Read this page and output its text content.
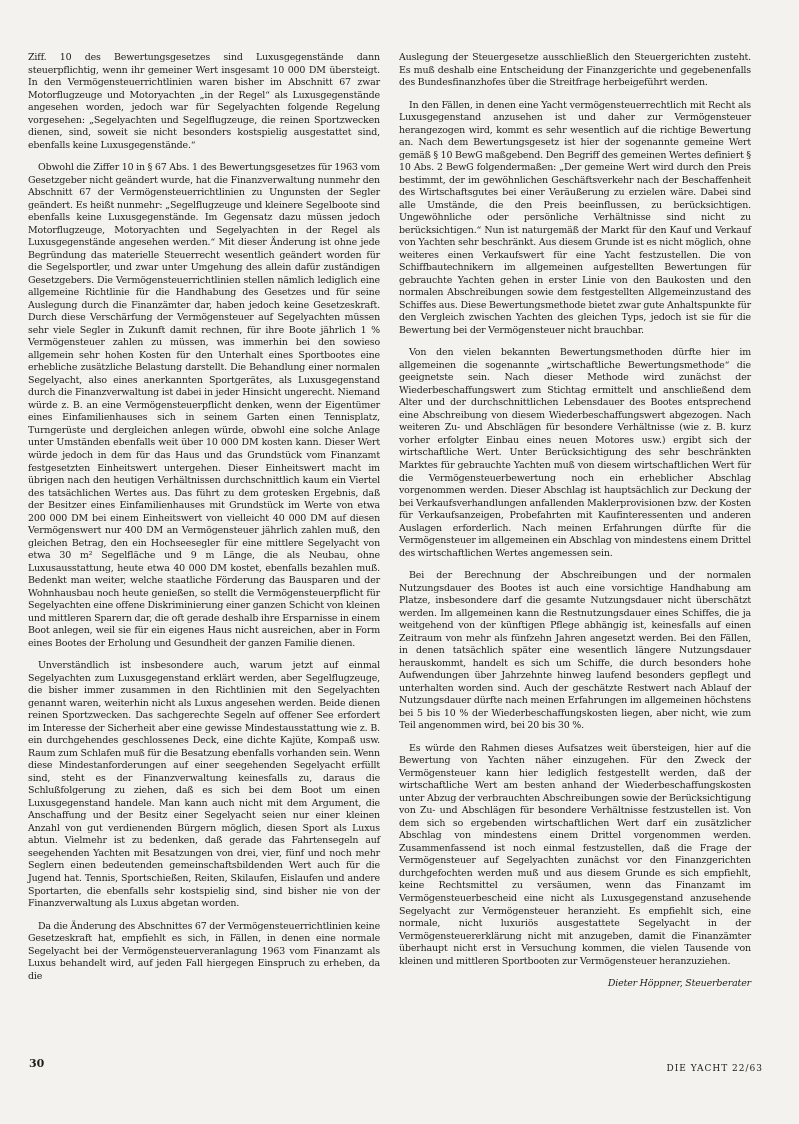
Ziff. 10 des Bewertungsgesetzes sind Luxusgegenstände dann steuerpflichtig, wenn ihr gemeiner Wert insgesamt 10 000 DM übersteigt. In den Vermögensteuerrichtlinien waren bisher im Abschnitt 67 zwar Motorflugzeuge und Motoryachten „in der Regel“ als Luxusgegenstände angesehen worden, jedoch war für Segelyachten folgende Regelung vorgesehen: „Segelyachten und Segelflugzeuge, die reinen Sportzwecken dienen, sind, soweit sie nicht besonders kostspielig ausgestattet sind, ebenfalls keine Luxusgegenstände.“

Obwohl die Ziffer 10 in § 67 Abs. 1 des Bewertungsgesetzes für 1963 vom Gesetzgeber nicht geändert wurde, hat die Finanzverwaltung nunmehr den Abschnitt 67 der Vermögensteuerrichtlinien zu Ungunsten der Segler geändert. Es heißt nunmehr: „Segelflugzeuge und kleinere Segelboote sind ebenfalls keine Luxusgegenstände. Im Gegensatz dazu müssen jedoch Motorflugzeuge, Motoryachten und Segelyachten in der Regel als Luxusgegenstände angesehen werden.“ Mit dieser Änderung ist ohne jede Begründung das materielle Steuerrecht wesentlich geändert worden für die Segelsportler, und zwar unter Umgehung des allein dafür zuständigen Gesetzgebers. Die Vermögensteuerrichtlinien stellen nämlich lediglich eine allgemeine Richtlinie für die Handhabung des Gesetzes und für seine Auslegung durch die Finanzämter dar, haben jedoch keine Gesetzeskraft. Durch diese Verschärfung der Vermögensteuer auf Segelyachten müssen sehr viele Segler in Zukunft damit rechnen, für ihre Boote jährlich 1 % Vermögensteuer zahlen zu müssen, was immerhin bei den sowieso allgemein sehr hohen Kosten für den Unterhalt eines Sportbootes eine erhebliche zusätzliche Belastung darstellt. Die Behandlung einer normalen Segelyacht, also eines anerkannten Sportgerätes, als Luxusgegenstand durch die Finanzverwaltung ist dabei in jeder Hinsicht ungerecht. Niemand würde z. B. an eine Vermögensteuerpflicht denken, wenn der Eigentümer eines Einfamilienhauses sich in seinem Garten einen Tennisplatz, Turngerüste und dergleichen anlegen würde, obwohl eine solche Anlage unter Umständen ebenfalls weit über 10 000 DM kosten kann. Dieser Wert würde jedoch in dem für das Haus und das Grundstück vom Finanzamt festgesetzten Einheitswert untergehen. Dieser Einheitswert macht im übrigen nach den heutigen Verhältnissen durchschnittlich kaum ein Viertel des tatsächlichen Wertes aus. Das führt zu dem grotesken Ergebnis, daß der Besitzer eines Einfamilienhauses mit Grundstück im Werte von etwa 200 000 DM bei einem Einheitswert von vielleicht 40 000 DM auf diesen Vermögenswert nur 400 DM an Vermögensteuer jährlich zahlen muß, den gleichen Betrag, den ein Hochseesegler für eine mittlere Segelyacht von etwa 30 m² Segelfläche und 9 m Länge, die als Neubau, ohne Luxusausstattung, heute etwa 40 000 DM kostet, ebenfalls bezahlen muß. Bedenkt man weiter, welche staatliche Förderung das Bausparen und der Wohnhausbau noch heute genießen, so stellt die Vermögensteuerpflicht für Segelyachten eine offene Diskriminierung einer ganzen Schicht von kleinen und mittleren Sparern dar, die oft gerade deshalb ihre Ersparnisse in einem Boot anlegen, weil sie für ein eigenes Haus nicht ausreichen, aber in Form eines Bootes der Erholung und Gesundheit der ganzen Familie dienen.

Unverständlich ist insbesondere auch, warum jetzt auf einmal Segelyachten zum Luxusgegenstand erklärt werden, aber Segelflugzeuge, die bisher immer zusammen in den Richtlinien mit den Segelyachten genannt waren, weiterhin nicht als Luxus angesehen werden. Beide dienen reinen Sportzwecken. Das sachgerechte Segeln auf offener See erfordert im Interesse der Sicherheit aber eine gewisse Mindestausstattung wie z. B. ein durchgehendes geschlossenes Deck, eine dichte Kajüte, Kompaß usw. Raum zum Schlafen muß für die Besatzung ebenfalls vorhanden sein. Wenn diese Mindestanforderungen auf einer seegehenden Segelyacht erfüllt sind, steht es der Finanzverwaltung keinesfalls zu, daraus die Schlußfolgerung zu ziehen, daß es sich bei dem Boot um einen Luxusgegenstand handele. Man kann auch nicht mit dem Argument, die Anschaffung und der Besitz einer Segelyacht seien nur einer kleinen Anzahl von gut verdienenden Bürgern möglich, diesen Sport als Luxus abtun. Vielmehr ist zu bedenken, daß gerade das Fahrtensegeln auf seegehenden Yachten mit Besatzungen von drei, vier, fünf und noch mehr Seglern einen bedeutenden gemeinschaftsbildenden Wert auch für die Jugend hat. Tennis, Sportschießen, Reiten, Skilaufen, Eislaufen und andere Sportarten, die ebenfalls sehr kostspielig sind, sind bisher nie von der Finanzverwaltung als Luxus abgetan worden.

Da die Änderung des Abschnittes 67 der Vermögensteuerrichtlinien keine Gesetzeskraft hat, empfiehlt es sich, in Fällen, in denen eine normale Segelyacht bei der Vermögensteuerveranlagung 1963 vom Finanzamt als Luxus behandelt wird, auf jeden Fall hiergegen Einspruch zu erheben, da die

Auslegung der Steuergesetze ausschließlich den Steuergerichten zusteht. Es muß deshalb eine Entscheidung der Finanzgerichte und gegebenenfalls des Bundesfinanzhofes über die Streitfrage herbeigeführt werden.

In den Fällen, in denen eine Yacht vermögensteuerrechtlich mit Recht als Luxusgegenstand anzusehen ist und daher zur Vermögensteuer herangezogen wird, kommt es sehr wesentlich auf die richtige Bewertung an. Nach dem Bewertungsgesetz ist hier der sogenannte gemeine Wert gemäß § 10 BewG maßgebend. Den Begriff des gemeinen Wertes definiert § 10 Abs. 2 BewG folgendermaßen: „Der gemeine Wert wird durch den Preis bestimmt, der im gewöhnlichen Geschäftsverkehr nach der Beschaffenheit des Wirtschaftsgutes bei einer Veräußerung zu erzielen wäre. Dabei sind alle Umstände, die den Preis beeinflussen, zu berücksichtigen. Ungewöhnliche oder persönliche Verhältnisse sind nicht zu berücksichtigen.“ Nun ist naturgemäß der Markt für den Kauf und Verkauf von Yachten sehr beschränkt. Aus diesem Grunde ist es nicht möglich, ohne weiteres einen Verkaufswert für eine Yacht festzustellen. Die von Schiffbautechnikern im allgemeinen aufgestellten Bewertungen für gebrauchte Yachten gehen in erster Linie von den Baukosten und den normalen Abschreibungen sowie dem festgestellten Allgemeinzustand des Schiffes aus. Diese Bewertungsmethode bietet zwar gute Anhaltspunkte für den Vergleich zwischen Yachten des gleichen Typs, jedoch ist sie für die Bewertung bei der Vermögensteuer nicht brauchbar.

Von den vielen bekannten Bewertungsmethoden dürfte hier im allgemeinen die sogenannte „wirtschaftliche Bewertungsmethode“ die geeignetste sein. Nach dieser Methode wird zunächst der Wiederbeschaffungswert zum Stichtag ermittelt und anschließend dem Alter und der durchschnittlichen Lebensdauer des Bootes entsprechend eine Abschreibung von diesem Wiederbeschaffungswert abgezogen. Nach weiteren Zu- und Abschlägen für besondere Verhältnisse (wie z. B. kurz vorher erfolgter Einbau eines neuen Motores usw.) ergibt sich der wirtschaftliche Wert. Unter Berücksichtigung des sehr beschränkten Marktes für gebrauchte Yachten muß von diesem wirtschaftlichen Wert für die Vermögensteuerbewertung noch ein erheblicher Abschlag vorgenommen werden. Dieser Abschlag ist hauptsächlich zur Deckung der bei Verkaufsverhandlungen anfallenden Maklerprovisionen bzw. der Kosten für Verkaufsanzeigen, Probefahrten mit Kaufinteressenten und anderen Auslagen erforderlich. Nach meinen Erfahrungen dürfte für die Vermögensteuer im allgemeinen ein Abschlag von mindestens einem Drittel des wirtschaftlichen Wertes angemessen sein.

Bei der Berechnung der Abschreibungen und der normalen Nutzungsdauer des Bootes ist auch eine vorsichtige Handhabung am Platze, insbesondere darf die gesamte Nutzungsdauer nicht überschätzt werden. Im allgemeinen kann die Restnutzungsdauer eines Schiffes, die ja weitgehend von der künftigen Pflege abhängig ist, keinesfalls auf einen Zeitraum von mehr als fünfzehn Jahren angesetzt werden. Bei den Fällen, in denen tatsächlich später eine wesentlich längere Nutzungsdauer herauskommt, handelt es sich um Schiffe, die durch besonders hohe Aufwendungen über Jahrzehnte hinweg laufend besonders gepflegt und unterhalten worden sind. Auch der geschätzte Restwert nach Ablauf der Nutzungsdauer dürfte nach meinen Erfahrungen im allgemeinen höchstens bei 5 bis 10 % der Wiederbeschaffungskosten liegen, aber nicht, wie zum Teil angenommen wird, bei 20 bis 30 %.

Es würde den Rahmen dieses Aufsatzes weit übersteigen, hier auf die Bewertung von Yachten näher einzugehen. Für den Zweck der Vermögensteuer kann hier lediglich festgestellt werden, daß der wirtschaftliche Wert am besten anhand der Wiederbeschaffungskosten unter Abzug der verbrauchten Abschreibungen sowie der Berücksichtigung von Zu- und Abschlägen für besondere Verhältnisse festzustellen ist. Von dem sich so ergebenden wirtschaftlichen Wert darf ein zusätzlicher Abschlag von mindestens einem Drittel vorgenommen werden. Zusammenfassend ist noch einmal festzustellen, daß die Frage der Vermögensteuer auf Segelyachten zunächst vor den Finanzgerichten durchgefochten werden muß und aus diesem Grunde es sich empfiehlt, keine Rechtsmittel zu versäumen, wenn das Finanzamt im Vermögensteuerbescheid eine nicht als Luxusgegenstand anzusehende Segelyacht zur Vermögensteuer heranzieht. Es empfiehlt sich, eine normale, nicht luxuriös ausgestattete Segelyacht in der Vermögensteuererklärung nicht mit anzugeben, damit die Finanzämter überhaupt nicht erst in Versuchung kommen, die vielen Tausende von kleinen und mittleren Sportbooten zur Vermögensteuer heranzuziehen.

Dieter Höppner, Steuerberater

30	DIE YACHT 22/63
